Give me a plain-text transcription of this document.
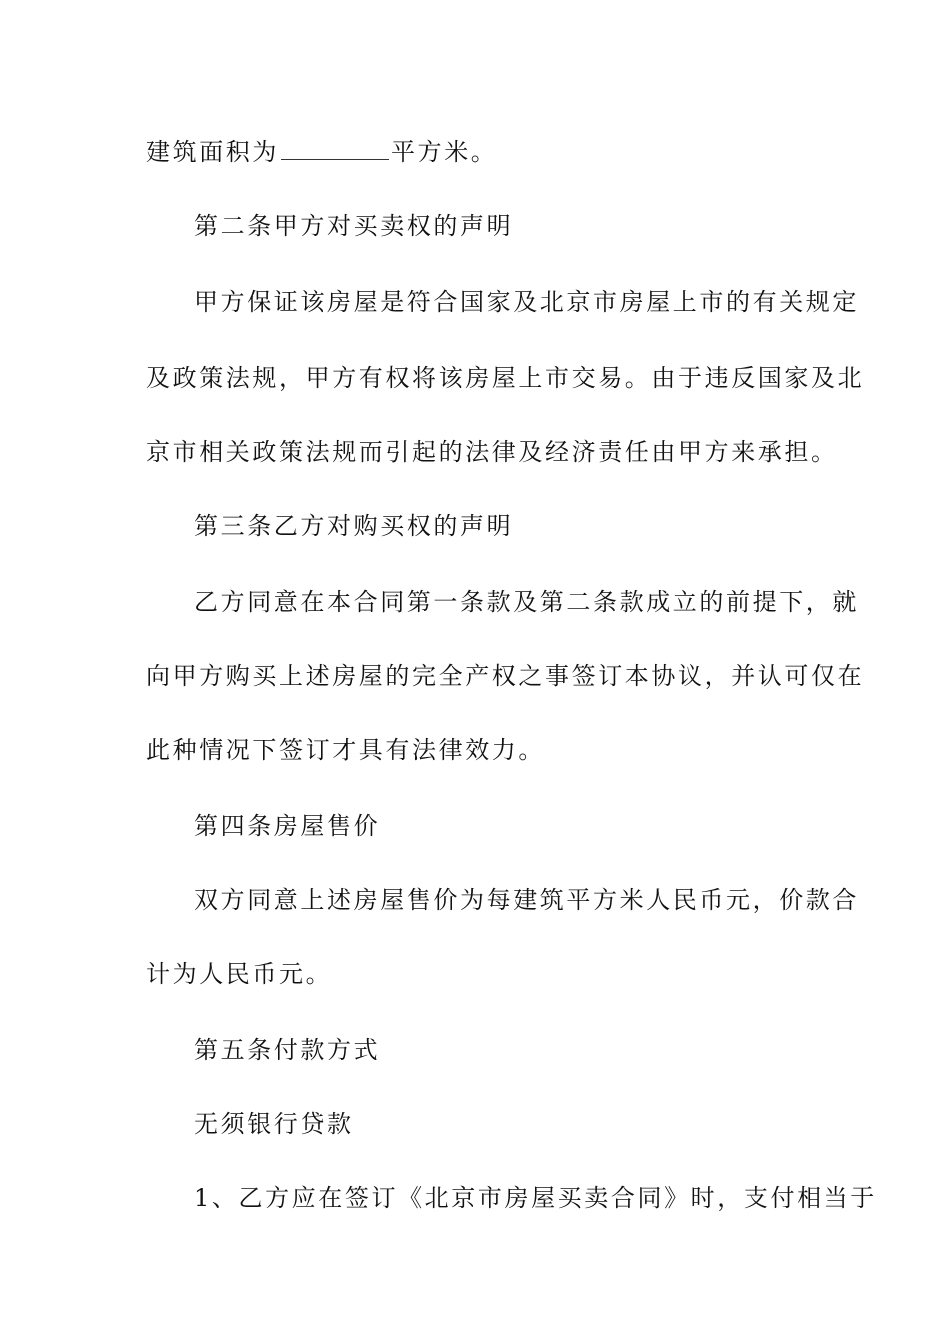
建筑面积为	平方米。
第二条甲方对买卖权的声明
甲方保证该房屋是符合国家及北京市房屋上市的有关规定
及政策法规，甲方有权将该房屋上市交易。由于违反国家及北
京市相关政策法规而引起的法律及经济责任由甲方来承担。
第三条乙方对购买权的声明
乙方同意在本合同第一条款及第二条款成立的前提下，就
向甲方购买上述房屋的完全产权之事签订本协议，并认可仅在
此种情况下签订才具有法律效力。
第四条房屋售价
双方同意上述房屋售价为每建筑平方米人民币元，价款合
计为人民币元。
第五条付款方式
无须银行贷款
1、乙方应在签订《北京市房屋买卖合同》时，支付相当于
